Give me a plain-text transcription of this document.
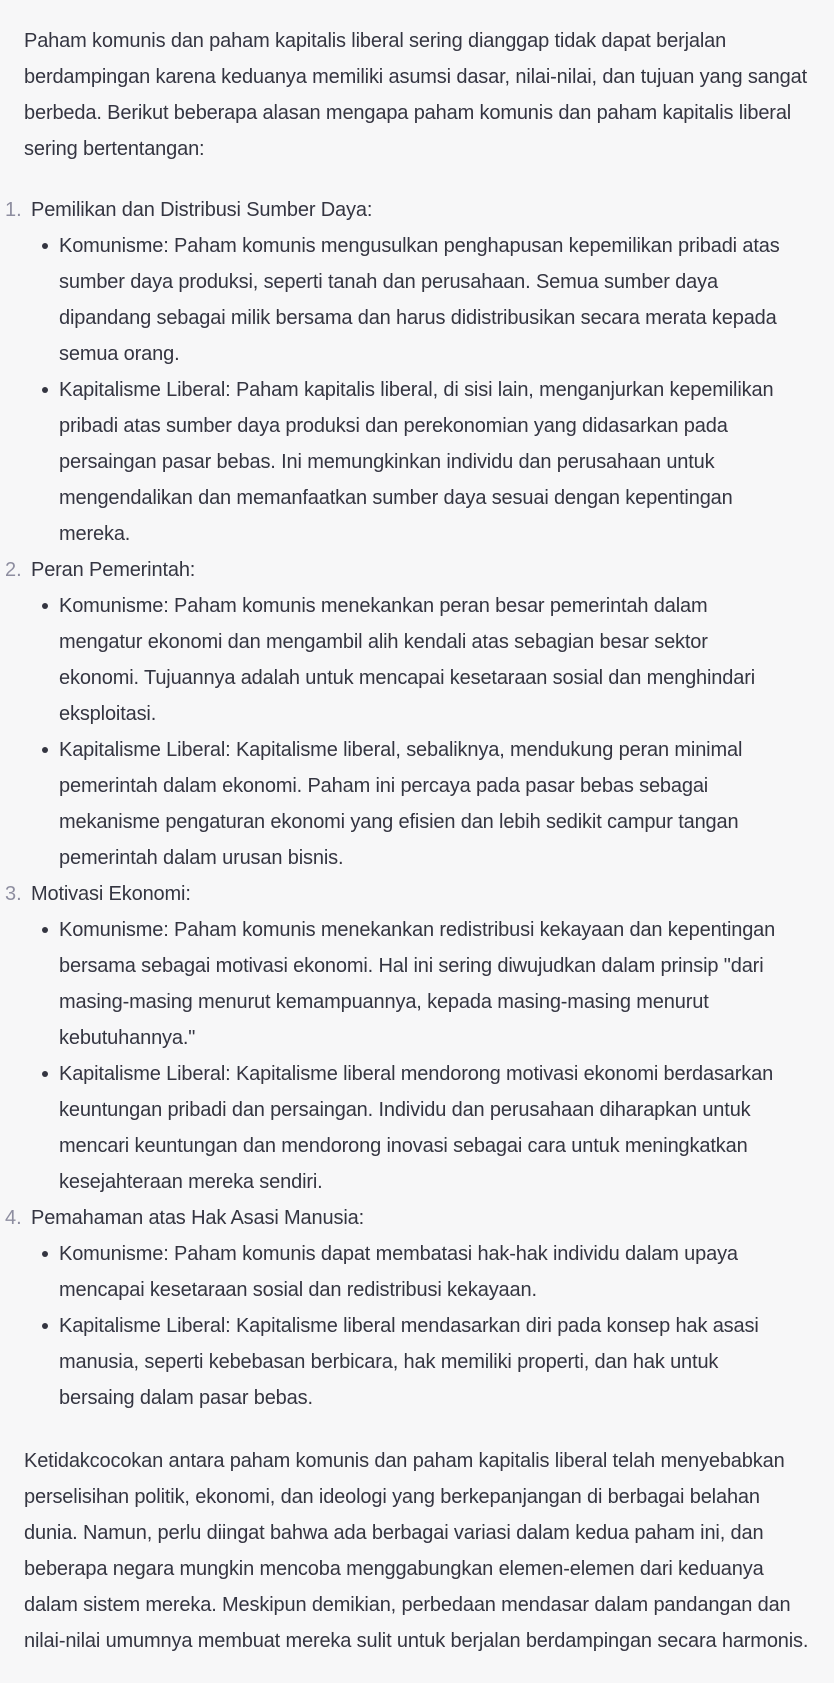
Paham komunis dan paham kapitalis liberal sering dianggap tidak dapat berjalan berdampingan karena keduanya memiliki asumsi dasar, nilai-nilai, dan tujuan yang sangat berbeda. Berikut beberapa alasan mengapa paham komunis dan paham kapitalis liberal sering bertentangan:

1. Pemilikan dan Distribusi Sumber Daya:
Komunisme: Paham komunis mengusulkan penghapusan kepemilikan pribadi atas sumber daya produksi, seperti tanah dan perusahaan. Semua sumber daya dipandang sebagai milik bersama dan harus didistribusikan secara merata kepada semua orang.
Kapitalisme Liberal: Paham kapitalis liberal, di sisi lain, menganjurkan kepemilikan pribadi atas sumber daya produksi dan perekonomian yang didasarkan pada persaingan pasar bebas. Ini memungkinkan individu dan perusahaan untuk mengendalikan dan memanfaatkan sumber daya sesuai dengan kepentingan mereka.
2. Peran Pemerintah:
Komunisme: Paham komunis menekankan peran besar pemerintah dalam mengatur ekonomi dan mengambil alih kendali atas sebagian besar sektor ekonomi. Tujuannya adalah untuk mencapai kesetaraan sosial dan menghindari eksploitasi.
Kapitalisme Liberal: Kapitalisme liberal, sebaliknya, mendukung peran minimal pemerintah dalam ekonomi. Paham ini percaya pada pasar bebas sebagai mekanisme pengaturan ekonomi yang efisien dan lebih sedikit campur tangan pemerintah dalam urusan bisnis.
3. Motivasi Ekonomi:
Komunisme: Paham komunis menekankan redistribusi kekayaan dan kepentingan bersama sebagai motivasi ekonomi. Hal ini sering diwujudkan dalam prinsip "dari masing-masing menurut kemampuannya, kepada masing-masing menurut kebutuhannya."
Kapitalisme Liberal: Kapitalisme liberal mendorong motivasi ekonomi berdasarkan keuntungan pribadi dan persaingan. Individu dan perusahaan diharapkan untuk mencari keuntungan dan mendorong inovasi sebagai cara untuk meningkatkan kesejahteraan mereka sendiri.
4. Pemahaman atas Hak Asasi Manusia:
Komunisme: Paham komunis dapat membatasi hak-hak individu dalam upaya mencapai kesetaraan sosial dan redistribusi kekayaan.
Kapitalisme Liberal: Kapitalisme liberal mendasarkan diri pada konsep hak asasi manusia, seperti kebebasan berbicara, hak memiliki properti, dan hak untuk bersaing dalam pasar bebas.

Ketidakcocokan antara paham komunis dan paham kapitalis liberal telah menyebabkan perselisihan politik, ekonomi, dan ideologi yang berkepanjangan di berbagai belahan dunia. Namun, perlu diingat bahwa ada berbagai variasi dalam kedua paham ini, dan beberapa negara mungkin mencoba menggabungkan elemen-elemen dari keduanya dalam sistem mereka. Meskipun demikian, perbedaan mendasar dalam pandangan dan nilai-nilai umumnya membuat mereka sulit untuk berjalan berdampingan secara harmonis.
